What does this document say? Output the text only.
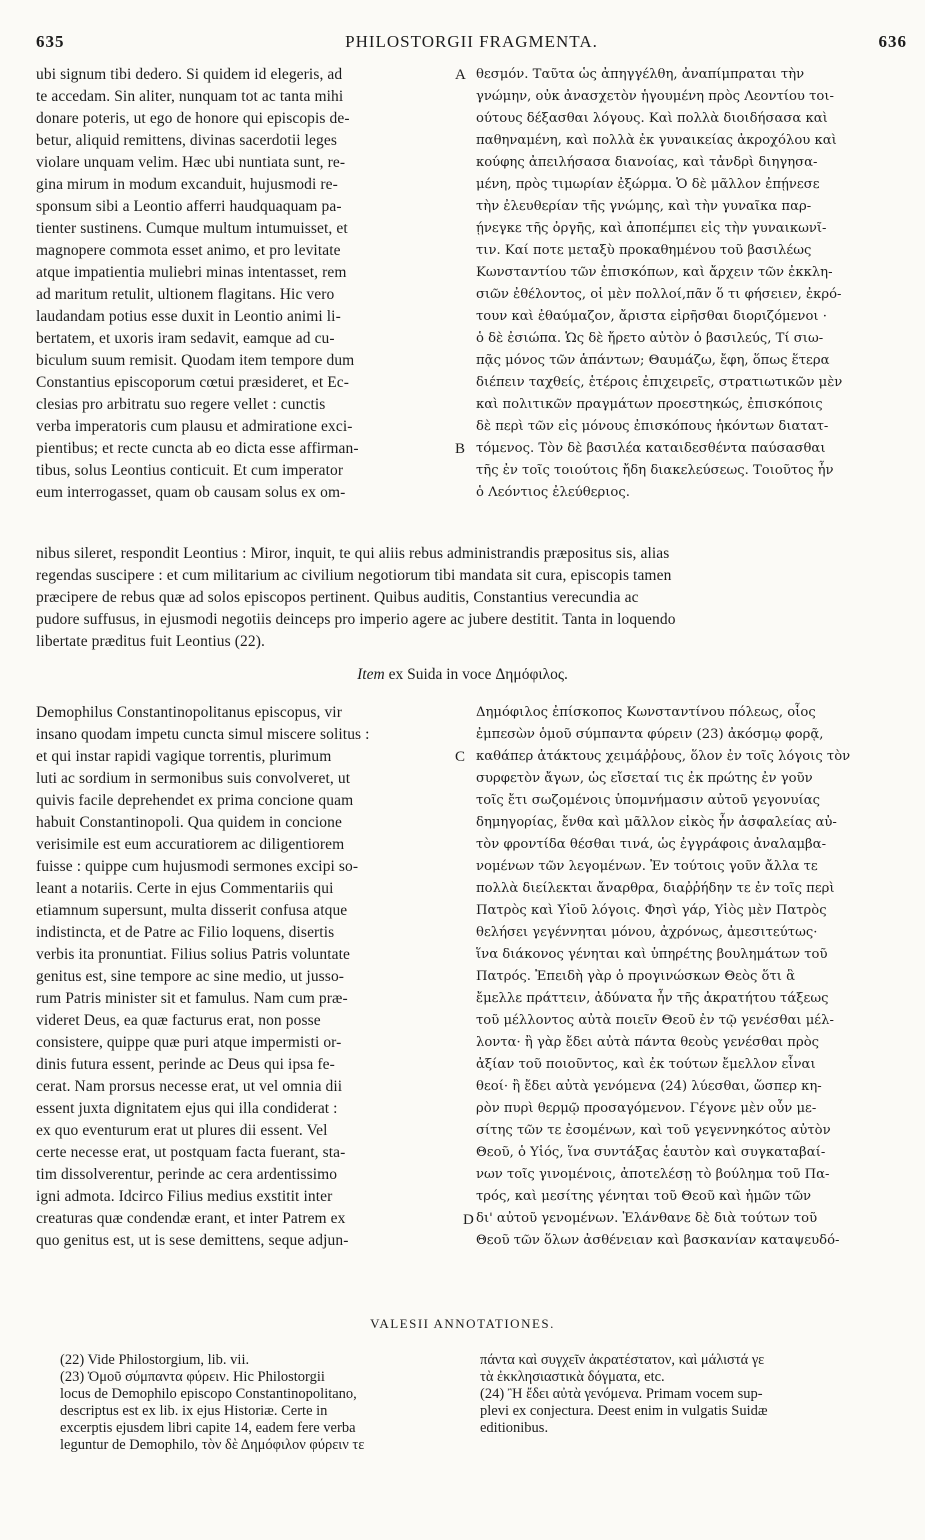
635	PHILOSTORGII FRAGMENTA.	636
ubi signum tibi dedero. Si quidem id elegeris, ad
te accedam. Sin aliter, nunquam tot ac tanta mihi
donare poteris, ut ego de honore qui episcopis de-
betur, aliquid remittens, divinas sacerdotii leges
violare unquam velim. Hæc ubi nuntiata sunt, re-
gina mirum in modum excanduit, hujusmodi re-
sponsum sibi a Leontio afferri haudquaquam pa-
tienter sustinens. Cumque multum intumuisset, et
magnopere commota esset animo, et pro levitate
atque impatientia muliebri minas intentasset, rem
ad maritum retulit, ultionem flagitans. Hic vero
laudandam potius esse duxit in Leontio animi li-
bertatem, et uxoris iram sedavit, eamque ad cu-
biculum suum remisit. Quodam item tempore dum
Constantius episcoporum cœtui præsideret, et Ec-
clesias pro arbitratu suo regere vellet : cunctis
verba imperatoris cum plausu et admiratione exci-
pientibus; et recte cuncta ab eo dicta esse affirman-
tibus, solus Leontius conticuit. Et cum imperator
eum interrogasset, quam ob causam solus ex om-
θεσμόν. Ταῦτα ὡς ἀπηγγέλθη, ἀναπίμπραται τὴν
γνώμην, οὐκ ἀνασχετὸν ἡγουμένη πρὸς Λεοντίου τοι-
ούτους δέξασθαι λόγους. Καὶ πολλὰ διοιδήσασα καὶ
παθηναμένη, καὶ πολλὰ ἐκ γυναικείας ἀκροχόλου καὶ
κούφης ἀπειλήσασα διανοίας, καὶ τἀνδρὶ διηγησα-
μένη, πρὸς τιμωρίαν ἐξώρμα. Ὁ δὲ μᾶλλον ἐπῄνεσε
τὴν ἐλευθερίαν τῆς γνώμης, καὶ τὴν γυναῖκα παρ-
ῄνεγκε τῆς ὀργῆς, καὶ ἀποπέμπει εἰς τὴν γυναικωνῖ-
τιν. Καί ποτε μεταξὺ προκαθημένου τοῦ βασιλέως
Κωνσταντίου τῶν ἐπισκόπων, καὶ ἄρχειν τῶν ἐκκλη-
σιῶν ἐθέλοντος, οἱ μὲν πολλοί,πᾶν ὅ τι φήσειεν, ἐκρό-
τουν καὶ ἐθαύμαζον, ἄριστα εἰρῆσθαι διοριζόμενοι ·
ὁ δὲ ἐσιώπα. Ὡς δὲ ἤρετο αὐτὸν ὁ βασιλεύς, Τί σιω-
πᾷς μόνος τῶν ἁπάντων; Θαυμάζω, ἔφη, ὅπως ἕτερα
διέπειν ταχθείς, ἑτέροις ἐπιχειρεῖς, στρατιωτικῶν μὲν
καὶ πολιτικῶν πραγμάτων προεστηκώς, ἐπισκόποις
δὲ περὶ τῶν εἰς μόνους ἐπισκόπους ἡκόντων διατατ-
τόμενος. Τὸν δὲ βασιλέα καταιδεσθέντα παύσασθαι
τῆς ἐν τοῖς τοιούτοις ἤδη διακελεύσεως. Τοιοῦτος ἦν
ὁ Λεόντιος ἐλεύθεριος.
nibus sileret, respondit Leontius : Miror, inquit, te qui aliis rebus administrandis præpositus sis, alias
regendas suscipere : et cum militarium ac civilium negotiorum tibi mandata sit cura, episcopis tamen
præcipere de rebus quæ ad solos episcopos pertinent. Quibus auditis, Constantius verecundia ac
pudore suffusus, in ejusmodi negotiis deinceps pro imperio agere ac jubere destitit. Tanta in loquendo
libertate præditus fuit Leontius (22).
A
B
Item ex Suida in voce Δημόφιλος.
Demophilus Constantinopolitanus episcopus, vir
insano quodam impetu cuncta simul miscere solitus :
et qui instar rapidi vagique torrentis, plurimum
luti ac sordium in sermonibus suis convolveret, ut
quivis facile deprehendet ex prima concione quam
habuit Constantinopoli. Qua quidem in concione
verisimile est eum accuratiorem ac diligentiorem
fuisse : quippe cum hujusmodi sermones excipi so-
leant a notariis. Certe in ejus Commentariis qui
etiamnum supersunt, multa disserit confusa atque
indistincta, et de Patre ac Filio loquens, disertis
verbis ita pronuntiat. Filius solius Patris voluntate
genitus est, sine tempore ac sine medio, ut jusso-
rum Patris minister sit et famulus. Nam cum præ-
videret Deus, ea quæ facturus erat, non posse
consistere, quippe quæ puri atque impermisti or-
dinis futura essent, perinde ac Deus qui ipsa fe-
cerat. Nam prorsus necesse erat, ut vel omnia dii
essent juxta dignitatem ejus qui illa condiderat :
ex quo eventurum erat ut plures dii essent. Vel
certe necesse erat, ut postquam facta fuerant, sta-
tim dissolverentur, perinde ac cera ardentissimo
igni admota. Idcirco Filius medius exstitit inter
creaturas quæ condendæ erant, et inter Patrem ex
quo genitus est, ut is sese demittens, seque adjun-
Δημόφιλος ἐπίσκοπος Κωνσταντίνου πόλεως, οἷος
ἐμπεσὼν ὁμοῦ σύμπαντα φύρειν (23) ἀκόσμῳ φορᾷ,
καθάπερ ἀτάκτους χειμάῤῥους, ὅλον ἐν τοῖς λόγοις τὸν
συρφετὸν ἄγων, ὡς εἴσεταί τις ἐκ πρώτης ἐν γοῦν
τοῖς ἔτι σωζομένοις ὑπομνήμασιν αὐτοῦ γεγονυίας
δημηγορίας, ἔνθα καὶ μᾶλλον εἰκὸς ἦν ἀσφαλείας αὐ-
τὸν φροντίδα θέσθαι τινά, ὡς ἐγγράφοις ἀναλαμβα-
νομένων τῶν λεγομένων. Ἐν τούτοις γοῦν ἄλλα τε
πολλὰ διείλεκται ἄναρθρα, διαῤῥήδην τε ἐν τοῖς περὶ
Πατρὸς καὶ Υἱοῦ λόγοις. Φησὶ γάρ, Υἱὸς μὲν Πατρὸς
θελήσει γεγέννηται μόνου, ἀχρόνως, ἀμεσιτεύτως·
ἵνα διάκονος γένηται καὶ ὑπηρέτης βουλημάτων τοῦ
Πατρός. Ἐπειδὴ γὰρ ὁ προγινώσκων Θεὸς ὅτι ἃ
ἔμελλε πράττειν, ἀδύνατα ἦν τῆς ἀκρατήτου τάξεως
τοῦ μέλλοντος αὐτὰ ποιεῖν Θεοῦ ἐν τῷ γενέσθαι μέλ-
λοντα· ἢ γὰρ ἔδει αὐτὰ πάντα θεοὺς γενέσθαι πρὸς
ἀξίαν τοῦ ποιοῦντος, καὶ ἐκ τούτων ἔμελλον εἶναι
θεοί· ἢ ἔδει αὐτὰ γενόμενα (24) λύεσθαι, ὥσπερ κη-
ρὸν πυρὶ θερμῷ προσαγόμενον. Γέγονε μὲν οὖν με-
σίτης τῶν τε ἐσομένων, καὶ τοῦ γεγεννηκότος αὐτὸν
Θεοῦ, ὁ Υἱός, ἵνα συντάξας ἑαυτὸν καὶ συγκαταβαί-
νων τοῖς γινομένοις, ἀποτελέσῃ τὸ βούλημα τοῦ Πα-
τρός, καὶ μεσίτης γένηται τοῦ Θεοῦ καὶ ἡμῶν τῶν
δι' αὐτοῦ γενομένων. Ἐλάνθανε δὲ διὰ τούτων τοῦ
Θεοῦ τῶν ὅλων ἀσθένειαν καὶ βασκανίαν καταψευδό-
C
D
VALESII ANNOTATIONES.
(22) Vide Philostorgium, lib. vii.
(23) Ὁμοῦ σύμπαντα φύρειν. Hic Philostorgii
locus de Demophilo episcopo Constantinopolitano,
descriptus est ex lib. ix ejus Historiæ. Certe in
excerptis ejusdem libri capite 14, eadem fere verba
leguntur de Demophilo, τὸν δὲ Δημόφιλον φύρειν τε
πάντα καὶ συγχεῖν ἀκρατέστατον, καὶ μάλιστά γε
τὰ ἐκκλησιαστικὰ δόγματα, etc.
(24) Ἢ ἔδει αὐτὰ γενόμενα. Primam vocem sup-
plevi ex conjectura. Deest enim in vulgatis Suidæ
editionibus.
